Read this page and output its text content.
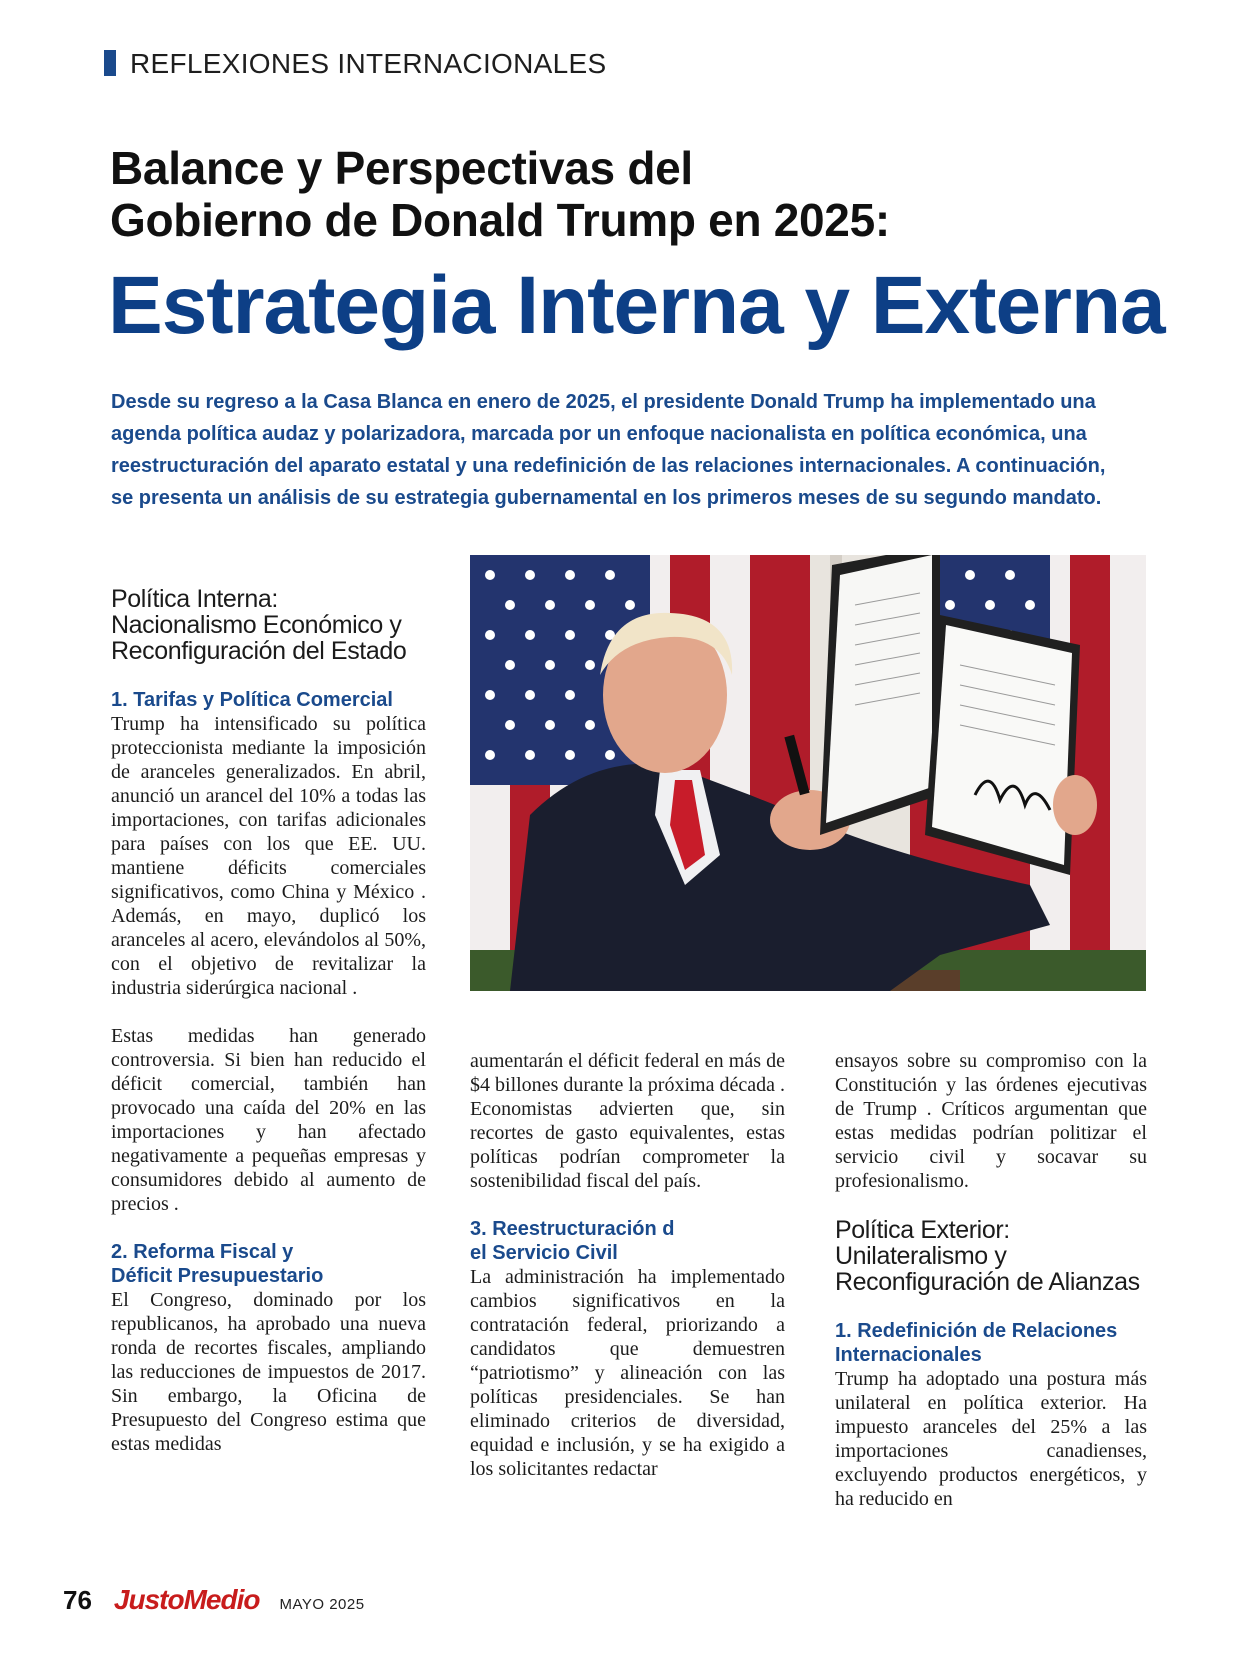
REFLEXIONES INTERNACIONALES
Balance y Perspectivas del
Gobierno de Donald Trump en 2025:
Estrategia Interna y Externa
Desde su regreso a la Casa Blanca en enero de 2025, el presidente Donald Trump ha implementado una agenda política audaz y polarizadora, marcada por un enfoque nacionalista en política económica, una reestructuración del aparato estatal y una redefinición de las relaciones internacionales. A continuación, se presenta un análisis de su estrategia gubernamental en los primeros meses de su segundo mandato.
Política Interna:
Nacionalismo Económico y
Reconfiguración del Estado
1. Tarifas y Política Comercial

Trump ha intensificado su política proteccionista mediante la imposición de aranceles generalizados. En abril, anunció un arancel del 10% a todas las importaciones, con tarifas adicionales para países con los que EE. UU. mantiene déficits comerciales significativos, como China y México . Además, en mayo, duplicó los aranceles al acero, elevándolos al 50%, con el objetivo de revitalizar la industria siderúrgica nacional .

Estas medidas han generado controversia. Si bien han reducido el déficit comercial, también han provocado una caída del 20% en las importaciones y han afectado negativamente a pequeñas empresas y consumidores debido al aumento de precios .

2. Reforma Fiscal y
Déficit Presupuestario

El Congreso, dominado por los republicanos, ha aprobado una nueva ronda de recortes fiscales, ampliando las reducciones de impuestos de 2017. Sin embargo, la Oficina de Presupuesto del Congreso estima que estas medidas

aumentarán el déficit federal en más de $4 billones durante la próxima década . Economistas advierten que, sin recortes de gasto equivalentes, estas políticas podrían comprometer la sostenibilidad fiscal del país.

3. Reestructuración d
el Servicio Civil

La administración ha implementado cambios significativos en la contratación federal, priorizando a candidatos que demuestren “patriotismo” y alineación con las políticas presidenciales. Se han eliminado criterios de diversidad, equidad e inclusión, y se ha exigido a los solicitantes redactar

ensayos sobre su compromiso con la Constitución y las órdenes ejecutivas de Trump . Críticos argumentan que estas medidas podrían politizar el servicio civil y socavar su profesionalismo.

Política Exterior:
Unilateralismo y
Reconfiguración de Alianzas
1. Redefinición de Relaciones
Internacionales

Trump ha adoptado una postura más unilateral en política exterior. Ha impuesto aranceles del 25% a las importaciones canadienses, excluyendo productos energéticos, y ha reducido en

76 JustoMedio MAYO 2025
